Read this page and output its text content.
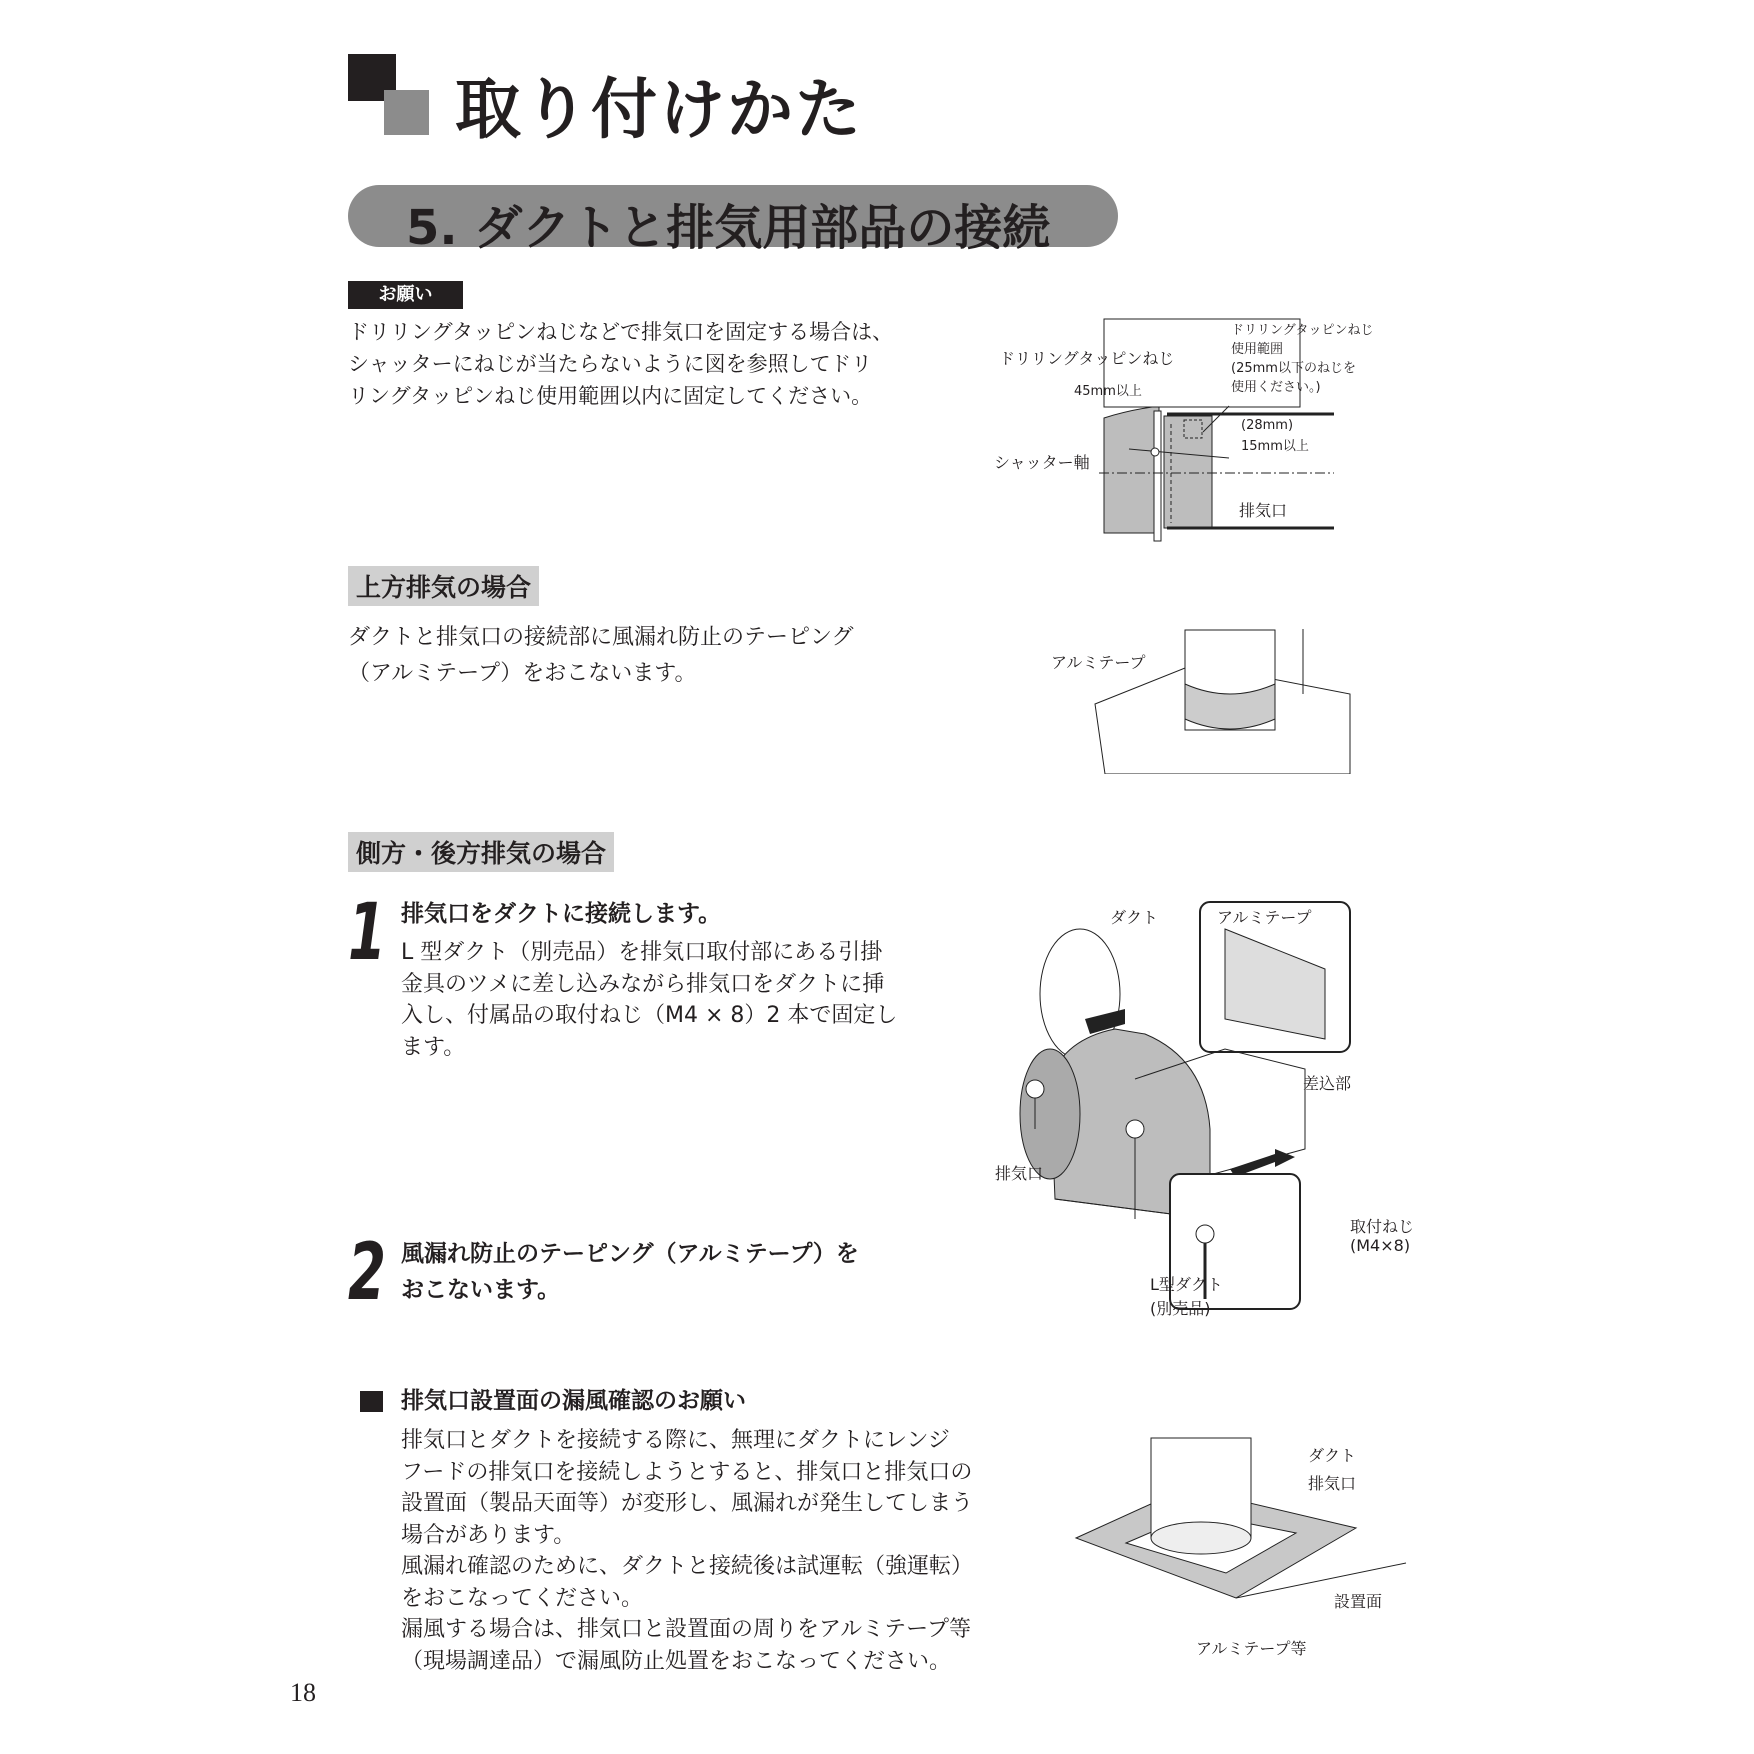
取り付けかた
5. ダクトと排気用部品の接続
お願い
ドリリングタッピンねじなどで排気口を固定する場合は、
シャッターにねじが当たらないように図を参照してドリ
リングタッピンねじ使用範囲以内に固定してください。
ドリリングタッピンねじ
45mm以上
ドリリングタッピンねじ
使用範囲
(25mm以下のねじを
使用ください。)
(28mm)
15mm以上
シャッター軸
排気口
上方排気の場合
ダクトと排気口の接続部に風漏れ防止のテーピング
（アルミテープ）をおこないます。	アルミテープ
側方・後方排気の場合
1 排気口をダクトに接続します。
L 型ダクト（別売品）を排気口取付部にある引掛
金具のツメに差し込みながら排気口をダクトに挿
入し、付属品の取付ねじ（M4 × 8）2 本で固定し
ます。
2 風漏れ防止のテーピング（アルミテープ）を
おこないます。
ダクト	アルミテープ
差込部
排気口
取付ねじ
(M4×8)
L型ダクト
(別売品)
排気口設置面の漏風確認のお願い
排気口とダクトを接続する際に、無理にダクトにレンジ
フードの排気口を接続しようとすると、排気口と排気口の
設置面（製品天面等）が変形し、風漏れが発生してしまう
場合があります。
風漏れ確認のために、ダクトと接続後は試運転（強運転）
をおこなってください。
漏風する場合は、排気口と設置面の周りをアルミテープ等
（現場調達品）で漏風防止処置をおこなってください。
ダクト
排気口
設置面
アルミテープ等
18
